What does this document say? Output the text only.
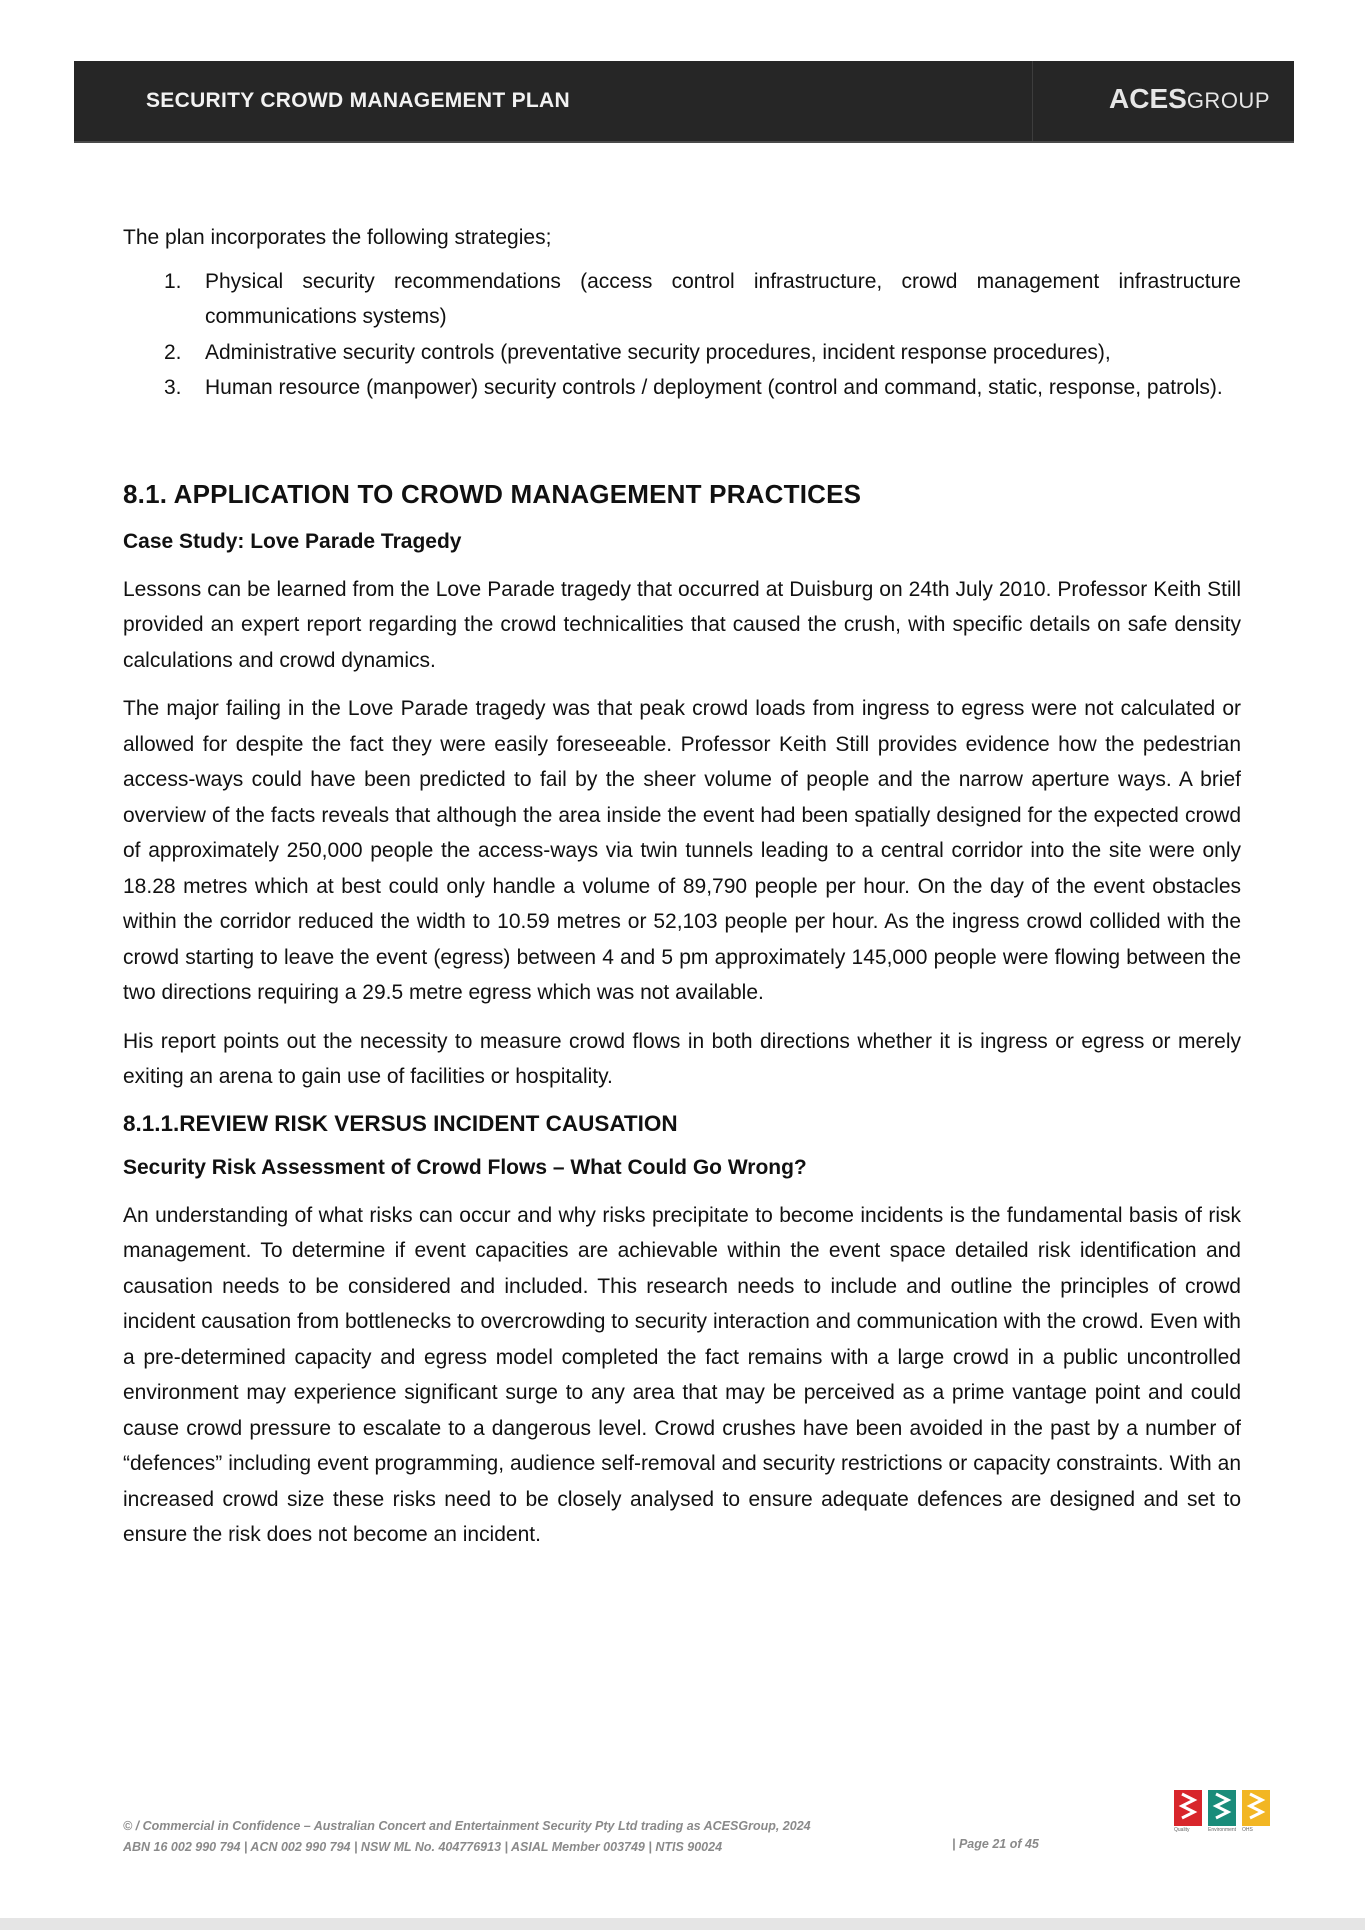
SECURITY CROWD MANAGEMENT PLAN	ACESGROUP

The plan incorporates the following strategies;

1. Physical security recommendations (access control infrastructure, crowd management infrastructure communications systems)
2. Administrative security controls (preventative security procedures, incident response procedures),
3. Human resource (manpower) security controls / deployment (control and command, static, response, patrols).
8.1. APPLICATION TO CROWD MANAGEMENT PRACTICES
Case Study: Love Parade Tragedy

Lessons can be learned from the Love Parade tragedy that occurred at Duisburg on 24th July 2010. Professor Keith Still provided an expert report regarding the crowd technicalities that caused the crush, with specific details on safe density calculations and crowd dynamics.

The major failing in the Love Parade tragedy was that peak crowd loads from ingress to egress were not calculated or allowed for despite the fact they were easily foreseeable. Professor Keith Still provides evidence how the pedestrian access-ways could have been predicted to fail by the sheer volume of people and the narrow aperture ways. A brief overview of the facts reveals that although the area inside the event had been spatially designed for the expected crowd of approximately 250,000 people the access-ways via twin tunnels leading to a central corridor into the site were only 18.28 metres which at best could only handle a volume of 89,790 people per hour. On the day of the event obstacles within the corridor reduced the width to 10.59 metres or 52,103 people per hour. As the ingress crowd collided with the crowd starting to leave the event (egress) between 4 and 5 pm approximately 145,000 people were flowing between the two directions requiring a 29.5 metre egress which was not available.

His report points out the necessity to measure crowd flows in both directions whether it is ingress or egress or merely exiting an arena to gain use of facilities or hospitality.

8.1.1.REVIEW RISK VERSUS INCIDENT CAUSATION
Security Risk Assessment of Crowd Flows – What Could Go Wrong?

An understanding of what risks can occur and why risks precipitate to become incidents is the fundamental basis of risk management. To determine if event capacities are achievable within the event space detailed risk identification and causation needs to be considered and included. This research needs to include and outline the principles of crowd incident causation from bottlenecks to overcrowding to security interaction and communication with the crowd. Even with a pre-determined capacity and egress model completed the fact remains with a large crowd in a public uncontrolled environment may experience significant surge to any area that may be perceived as a prime vantage point and could cause crowd pressure to escalate to a dangerous level. Crowd crushes have been avoided in the past by a number of “defences” including event programming, audience self-removal and security restrictions or capacity constraints. With an increased crowd size these risks need to be closely analysed to ensure adequate defences are designed and set to ensure the risk does not become an incident.

© / Commercial in Confidence – Australian Concert and Entertainment Security Pty Ltd trading as ACESGroup, 2024
ABN 16 002 990 794 | ACN 002 990 794 | NSW ML No. 404776913 | ASIAL Member 003749 | NTIS 90024	| Page 21 of 45
Quality	Environment OHS
